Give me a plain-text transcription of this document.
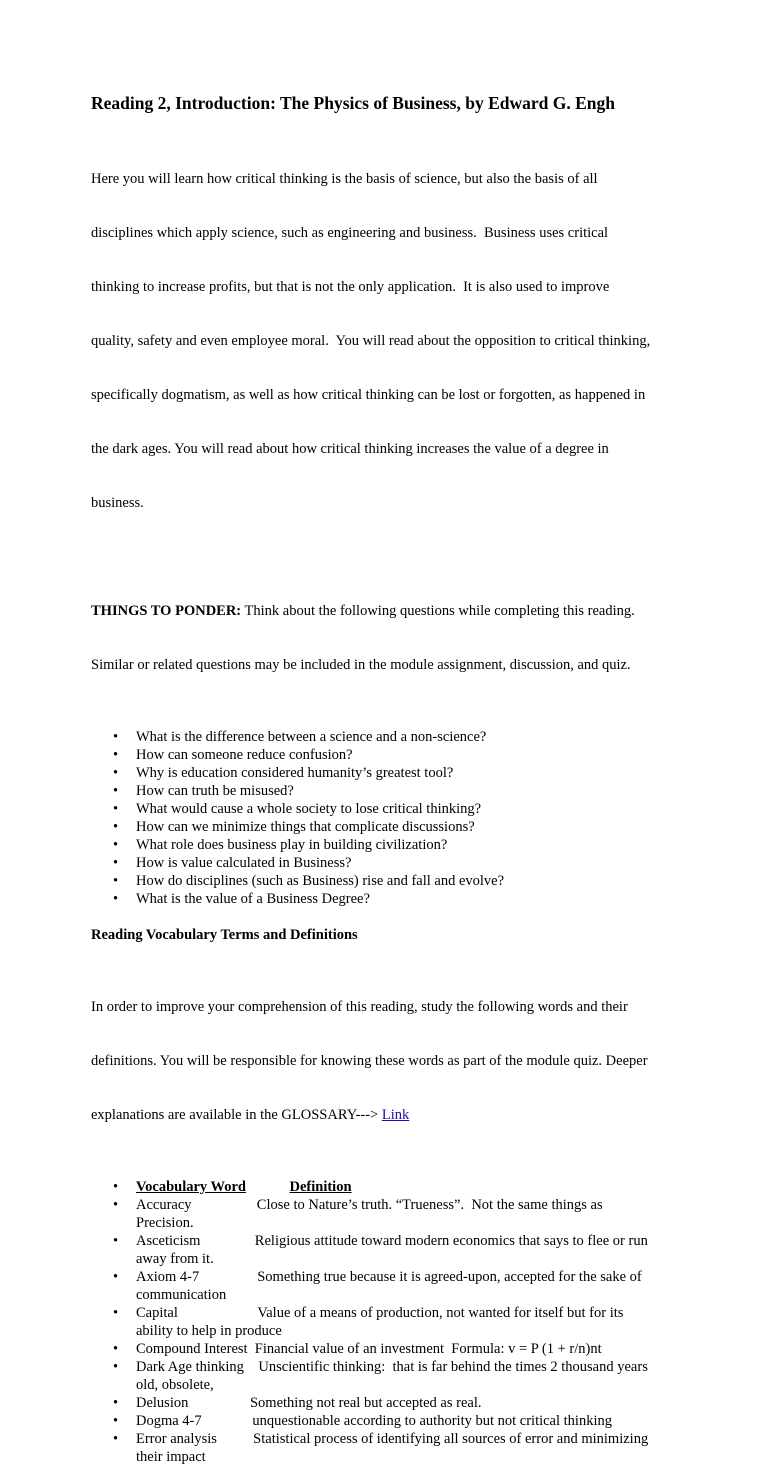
Reading 2, Introduction: The Physics of Business, by Edward G. Engh

Here you will learn how critical thinking is the basis of science, but also the basis of all

disciplines which apply science, such as engineering and business.  Business uses critical

thinking to increase profits, but that is not the only application.  It is also used to improve

quality, safety and even employee moral.  You will read about the opposition to critical thinking,

specifically dogmatism, as well as how critical thinking can be lost or forgotten, as happened in

the dark ages. You will read about how critical thinking increases the value of a degree in

business.

THINGS TO PONDER: Think about the following questions while completing this reading.

Similar or related questions may be included in the module assignment, discussion, and quiz.

• What is the difference between a science and a non-science?
• How can someone reduce confusion?
• Why is education considered humanity’s greatest tool?
• How can truth be misused?
• What would cause a whole society to lose critical thinking?
• How can we minimize things that complicate discussions?
• What role does business play in building civilization?
• How is value calculated in Business?
• How do disciplines (such as Business) rise and fall and evolve?
• What is the value of a Business Degree?
Reading Vocabulary Terms and Definitions

In order to improve your comprehension of this reading, study the following words and their

definitions. You will be responsible for knowing these words as part of the module quiz. Deeper

explanations are available in the GLOSSARY---> Link

• Vocabulary Word	Definition
• Accuracy                  Close to Nature’s truth. “Trueness”.  Not the same things as
Precision.
• Asceticism               Religious attitude toward modern economics that says to flee or run
away from it.
• Axiom 4-7                Something true because it is agreed-upon, accepted for the sake of
communication
• Capital                      Value of a means of production, not wanted for itself but for its
ability to help in produce
• Compound Interest  Financial value of an investment  Formula: v = P (1 + r/n)nt
• Dark Age thinking    Unscientific thinking:  that is far behind the times 2 thousand years
old, obsolete,
• Delusion                 Something not real but accepted as real.
• Dogma 4-7              unquestionable according to authority but not critical thinking
• Error analysis          Statistical process of identifying all sources of error and minimizing
their impact
